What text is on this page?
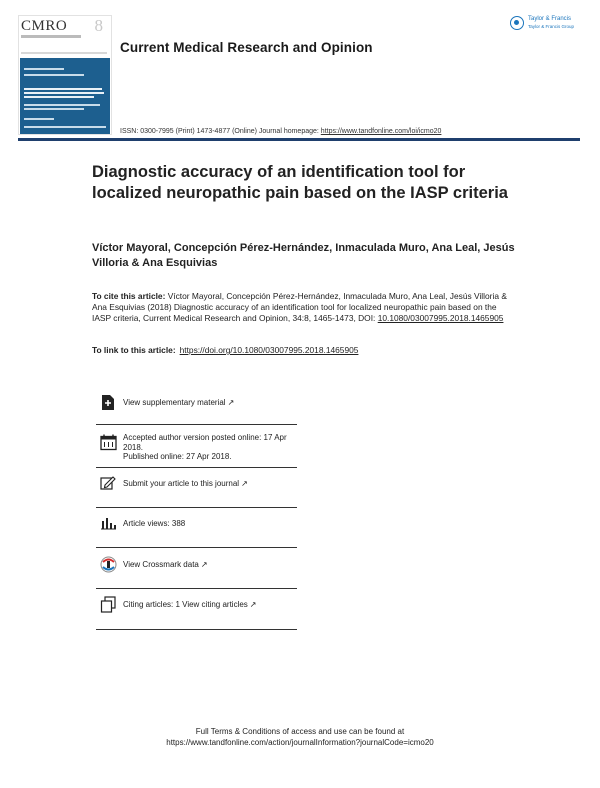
CMRO 8
Current Medical Research and Opinion
Taylor & Francis
Taylor & Francis Group
ISSN: 0300-7995 (Print) 1473-4877 (Online) Journal homepage: https://www.tandfonline.com/loi/icmo20
Diagnostic accuracy of an identification tool for localized neuropathic pain based on the IASP criteria
Víctor Mayoral, Concepción Pérez-Hernández, Inmaculada Muro, Ana Leal, Jesús Villoria & Ana Esquivias
To cite this article: Víctor Mayoral, Concepción Pérez-Hernández, Inmaculada Muro, Ana Leal, Jesús Villoria & Ana Esquivias (2018) Diagnostic accuracy of an identification tool for localized neuropathic pain based on the IASP criteria, Current Medical Research and Opinion, 34:8, 1465-1473, DOI: 10.1080/03007995.2018.1465905
To link to this article: https://doi.org/10.1080/03007995.2018.1465905
View supplementary material ↗
Accepted author version posted online: 17 Apr 2018.
Published online: 27 Apr 2018.
Submit your article to this journal ↗
Article views: 388
View Crossmark data ↗
Citing articles: 1 View citing articles ↗
Full Terms & Conditions of access and use can be found at
https://www.tandfonline.com/action/journalInformation?journalCode=icmo20
